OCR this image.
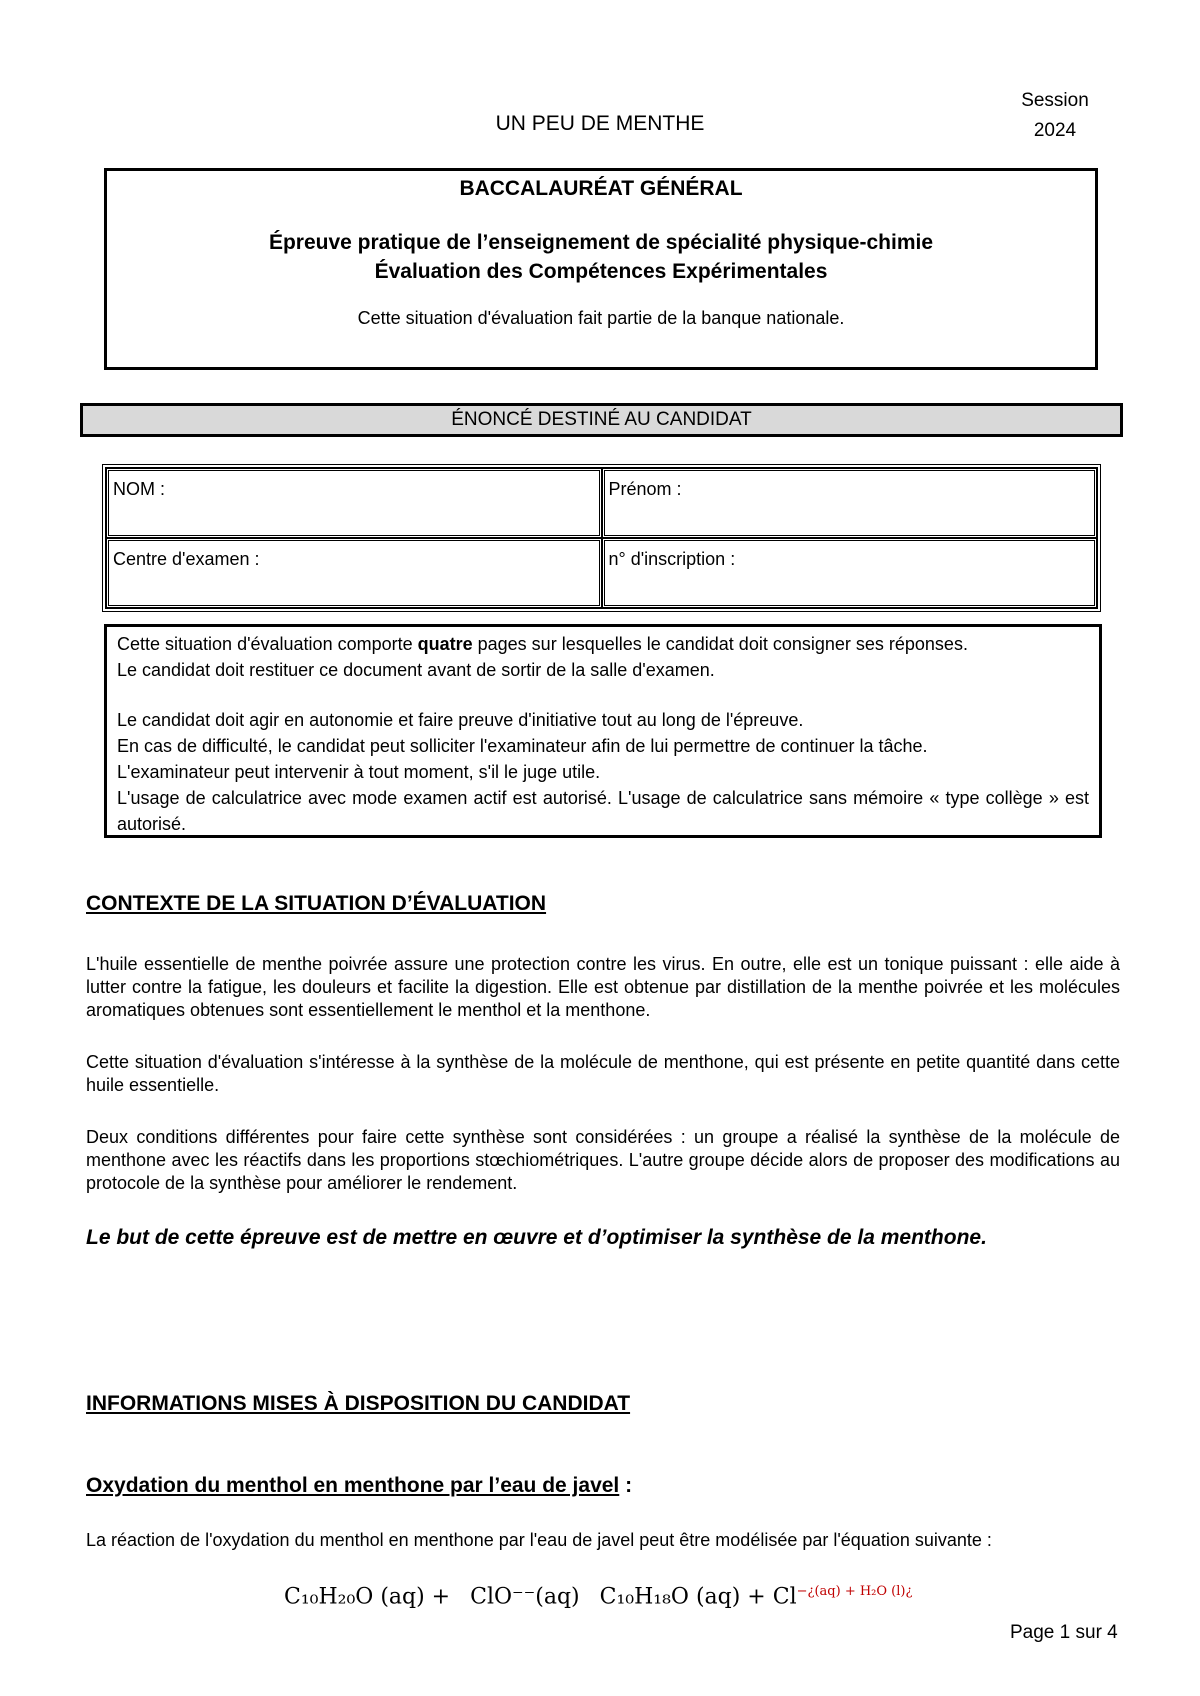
Session
2024
UN PEU DE MENTHE
BACCALAURÉAT GÉNÉRAL
Épreuve pratique de l’enseignement de spécialité physique-chimie
Évaluation des Compétences Expérimentales
Cette situation d'évaluation fait partie de la banque nationale.
ÉNONCÉ DESTINÉ AU CANDIDAT
NOM :	Prénom :
Centre d'examen :	n° d'inscription :
Cette situation d'évaluation comporte quatre pages sur lesquelles le candidat doit consigner ses réponses.
Le candidat doit restituer ce document avant de sortir de la salle d'examen.
Le candidat doit agir en autonomie et faire preuve d'initiative tout au long de l'épreuve.
En cas de difficulté, le candidat peut solliciter l'examinateur afin de lui permettre de continuer la tâche.
L'examinateur peut intervenir à tout moment, s'il le juge utile.
L'usage de calculatrice avec mode examen actif est autorisé. L'usage de calculatrice sans mémoire « type collège » est autorisé.
CONTEXTE DE LA SITUATION D’ÉVALUATION
L'huile essentielle de menthe poivrée assure une protection contre les virus. En outre, elle est un tonique puissant : elle aide à lutter contre la fatigue, les douleurs et facilite la digestion. Elle est obtenue par distillation de la menthe poivrée et les molécules aromatiques obtenues sont essentiellement le menthol et la menthone.
Cette situation d'évaluation s'intéresse à la synthèse de la molécule de menthone, qui est présente en petite quantité dans cette huile essentielle.
Deux conditions différentes pour faire cette synthèse sont considérées : un groupe a réalisé la synthèse de la molécule de menthone avec les réactifs dans les proportions stœchiométriques. L'autre groupe décide alors de proposer des modifications au protocole de la synthèse pour améliorer le rendement.
Le but de cette épreuve est de mettre en œuvre et d’optimiser la synthèse de la menthone.
INFORMATIONS MISES À DISPOSITION DU CANDIDAT
Oxydation du menthol en menthone par l’eau de javel :
La réaction de l'oxydation du menthol en menthone par l'eau de javel peut être modélisée par l'équation suivante :
C₁₀H₂₀O (aq) + ClO⁻⁻(aq) C₁₀H₁₈O $(aq) + Cl^{-¿(aq) + H_2O (l)¿}$
Page 1 sur 4
